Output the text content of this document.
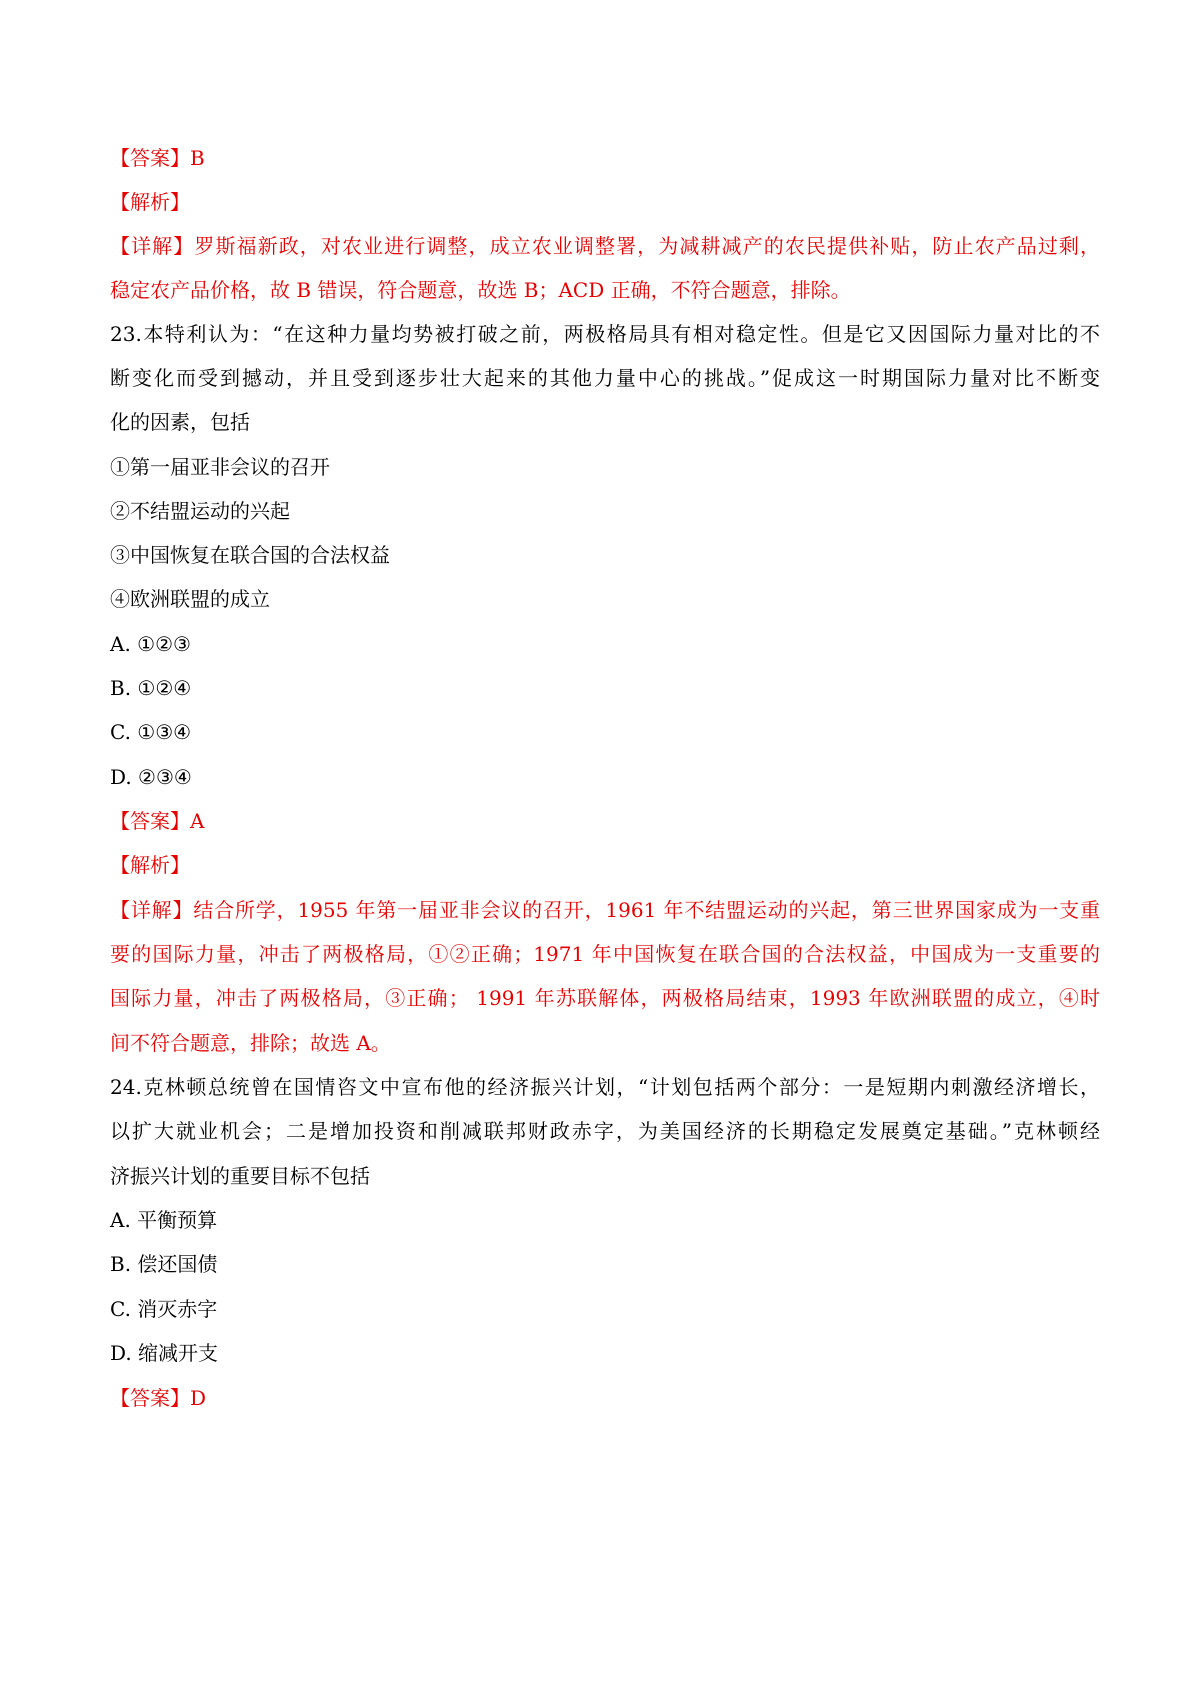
【答案】B
【解析】
【详解】罗斯福新政，对农业进行调整，成立农业调整署，为减耕减产的农民提供补贴，防止农产品过剩，
稳定农产品价格，故 B 错误，符合题意，故选 B；ACD 正确，不符合题意，排除。
23.本特利认为：“在这种力量均势被打破之前，两极格局具有相对稳定性。但是它又因国际力量对比的不
断变化而受到撼动，并且受到逐步壮大起来的其他力量中心的挑战。”促成这一时期国际力量对比不断变
化的因素，包括
①第一届亚非会议的召开
②不结盟运动的兴起
③中国恢复在联合国的合法权益
④欧洲联盟的成立
A. ①②③
B. ①②④
C. ①③④
D. ②③④
【答案】A
【解析】
【详解】结合所学，1955 年第一届亚非会议的召开，1961 年不结盟运动的兴起，第三世界国家成为一支重
要的国际力量，冲击了两极格局，①②正确；1971 年中国恢复在联合国的合法权益，中国成为一支重要的
国际力量，冲击了两极格局，③正确； 1991 年苏联解体，两极格局结束，1993 年欧洲联盟的成立，④时
间不符合题意，排除；故选 A。
24.克林顿总统曾在国情咨文中宣布他的经济振兴计划，“计划包括两个部分：一是短期内刺激经济增长，
以扩大就业机会；二是增加投资和削减联邦财政赤字，为美国经济的长期稳定发展奠定基础。”克林顿经
济振兴计划的重要目标不包括
A. 平衡预算
B. 偿还国债
C. 消灭赤字
D. 缩减开支
【答案】D
